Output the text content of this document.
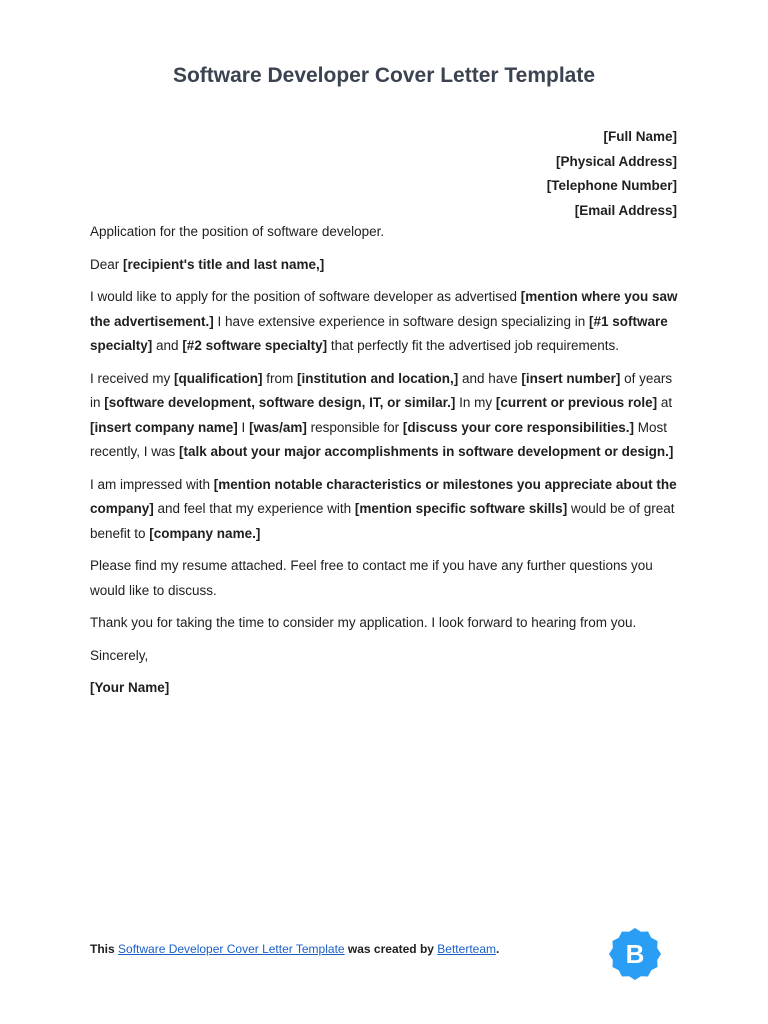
Software Developer Cover Letter Template
[Full Name]
[Physical Address]
[Telephone Number]
[Email Address]

Application for the position of software developer.

Dear [recipient's title and last name,]

I would like to apply for the position of software developer as advertised [mention where you saw the advertisement.] I have extensive experience in software design specializing in [#1 software specialty] and [#2 software specialty] that perfectly fit the advertised job requirements.

I received my [qualification] from [institution and location,] and have [insert number] of years in [software development, software design, IT, or similar.] In my [current or previous role] at [insert company name] I [was/am] responsible for [discuss your core responsibilities.] Most recently, I was [talk about your major accomplishments in software development or design.]

I am impressed with [mention notable characteristics or milestones you appreciate about the company] and feel that my experience with [mention specific software skills] would be of great benefit to [company name.]

Please find my resume attached. Feel free to contact me if you have any further questions you would like to discuss.

Thank you for taking the time to consider my application. I look forward to hearing from you.

Sincerely,

[Your Name]

This Software Developer Cover Letter Template was created by Betterteam.	B
